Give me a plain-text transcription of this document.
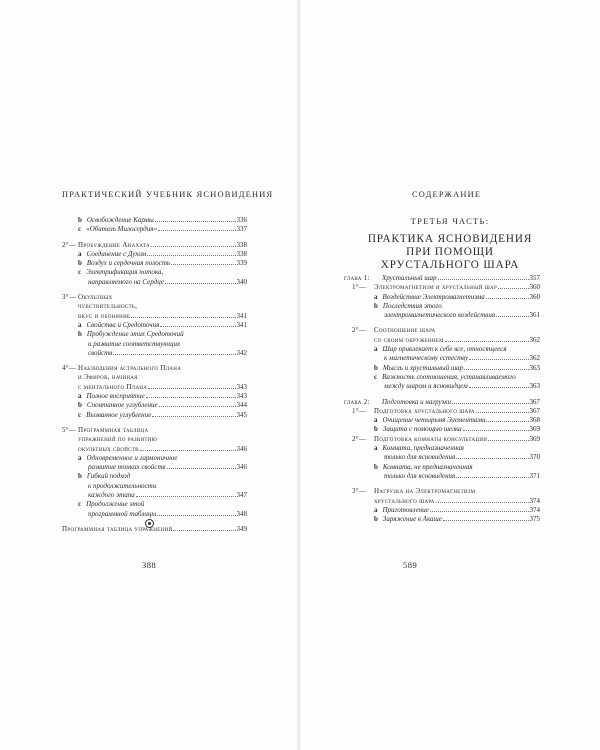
ПРАКТИЧЕСКИЙ УЧЕБНИК ЯСНОВИДЕНИЯ
b Освобождение Кармы	336
c «Обитель Милосердия»	337
2°— Пробуждение Анахата	338
a Соединение с Духом	338
b Воздух и сердечная полость	339
c Электрификация потока,
направляемого на Сердце	340
3°— Окультных
чувствительность,
вкус и обоняние	341
a Свойства и Средоточия	341
b Пробуждение этих Средоточий
и развитие соответствующих
свойств	342
4°— Наблюдения астрального Плана
и Эфиров, начиная
с ментального Плана	343
a Полное восприятие	343
b Спонтанное углубление	344
c Вызванное углубление	345
5°— Программная таблица
упражнений по развитию
окультных свойств	346
a Одновременное и гармоничное
развитие тонких свойств	346
b Гибкий подход
к продолжительности
каждого этапа	347
c Продолжение этой
программной таблицы	348
Программная таблица упражнений	349
388
СОДЕРЖАНИЕ
ТРЕТЬЯ ЧАСТЬ:
ПРАКТИКА ЯСНОВИДЕНИЯ
ПРИ ПОМОЩИ
ХРУСТАЛЬНОГО ШАРА
глава 1: Хрустальный шар	357
1°— Электромагнетизм и хрустальный шар	360
a Воздействие Электромагнетизма	360
b Последствия этого
электромагнетического воздействия	361
2°— Соотношение шара
со своим окружением	362
a Шар привлекает к себе все, относящееся
к магнетическому естеству	362
b Мысль и хрустальный шар	363
c Важность соотношения, устанавливаемого
между шаром и ясновидцем	363
глава 2: Подготовка и нагрузки	367
1°— Подготовка хрустального шара	367
a Очищение четырьмя Элементами	368
b Защита с помощью шелка	369
2°— Подготовка комнаты консультации	369
a Комната, предназначенная
только для ясновидения	370
b Комната, не предназначенная
только для ясновидения	371
3°— Нагрузка на Электромагнетизм
хрустального шара	374
a Приготовление	374
b Заряжение в Акаше	375
589
